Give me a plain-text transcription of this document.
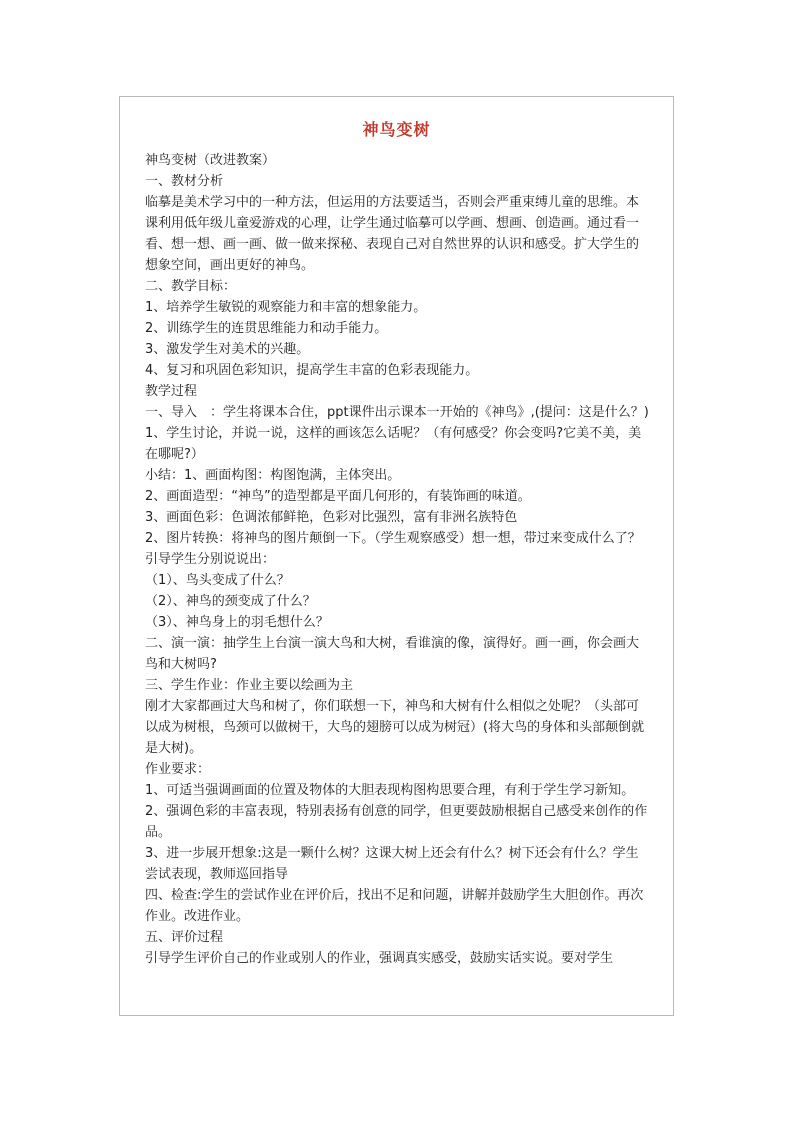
神鸟变树

神鸟变树（改进教案）

一、教材分析

临摹是美术学习中的一种方法，但运用的方法要适当，否则会严重束缚儿童的思维。本课利用低年级儿童爱游戏的心理，让学生通过临摹可以学画、想画、创造画。通过看一看、想一想、画一画、做一做来探秘、表现自己对自然世界的认识和感受。扩大学生的想象空间，画出更好的神鸟。

二、教学目标：

1、培养学生敏锐的观察能力和丰富的想象能力。

2、训练学生的连贯思维能力和动手能力。

3、激发学生对美术的兴趣。

4、复习和巩固色彩知识，提高学生丰富的色彩表现能力。

教学过程

一、导入　：学生将课本合住，ppt课件出示课本一开始的《神鸟》,(提问：这是什么？)

1、学生讨论，并说一说，这样的画该怎么话呢？（有何感受？你会变吗?它美不美，美在哪呢?）

小结：1、画面构图：构图饱满，主体突出。

2、画面造型：“神鸟”的造型都是平面几何形的，有装饰画的味道。

3、画面色彩：色调浓郁鲜艳，色彩对比强烈，富有非洲名族特色

2、图片转换：将神鸟的图片颠倒一下。（学生观察感受）想一想，带过来变成什么了？引导学生分别说说出：

（1）、鸟头变成了什么？

（2）、神鸟的颈变成了什么？

（3）、神鸟身上的羽毛想什么？

二、演一演：抽学生上台演一演大鸟和大树，看谁演的像，演得好。画一画，你会画大鸟和大树吗?

三、学生作业：作业主要以绘画为主

刚才大家都画过大鸟和树了，你们联想一下，神鸟和大树有什么相似之处呢？（头部可以成为树根，鸟颈可以做树干，大鸟的翅膀可以成为树冠）(将大鸟的身体和头部颠倒就是大树)。

作业要求：

1、可适当强调画面的位置及物体的大胆表现构图构思要合理，有利于学生学习新知。

2、强调色彩的丰富表现，特别表扬有创意的同学，但更要鼓励根据自己感受来创作的作品。

3、进一步展开想象:这是一颗什么树？这课大树上还会有什么？树下还会有什么？学生尝试表现，教师巡回指导

四、检查:学生的尝试作业在评价后，找出不足和问题，讲解并鼓励学生大胆创作。再次作业。改进作业。

五、评价过程

引导学生评价自己的作业或别人的作业，强调真实感受，鼓励实话实说。要对学生
